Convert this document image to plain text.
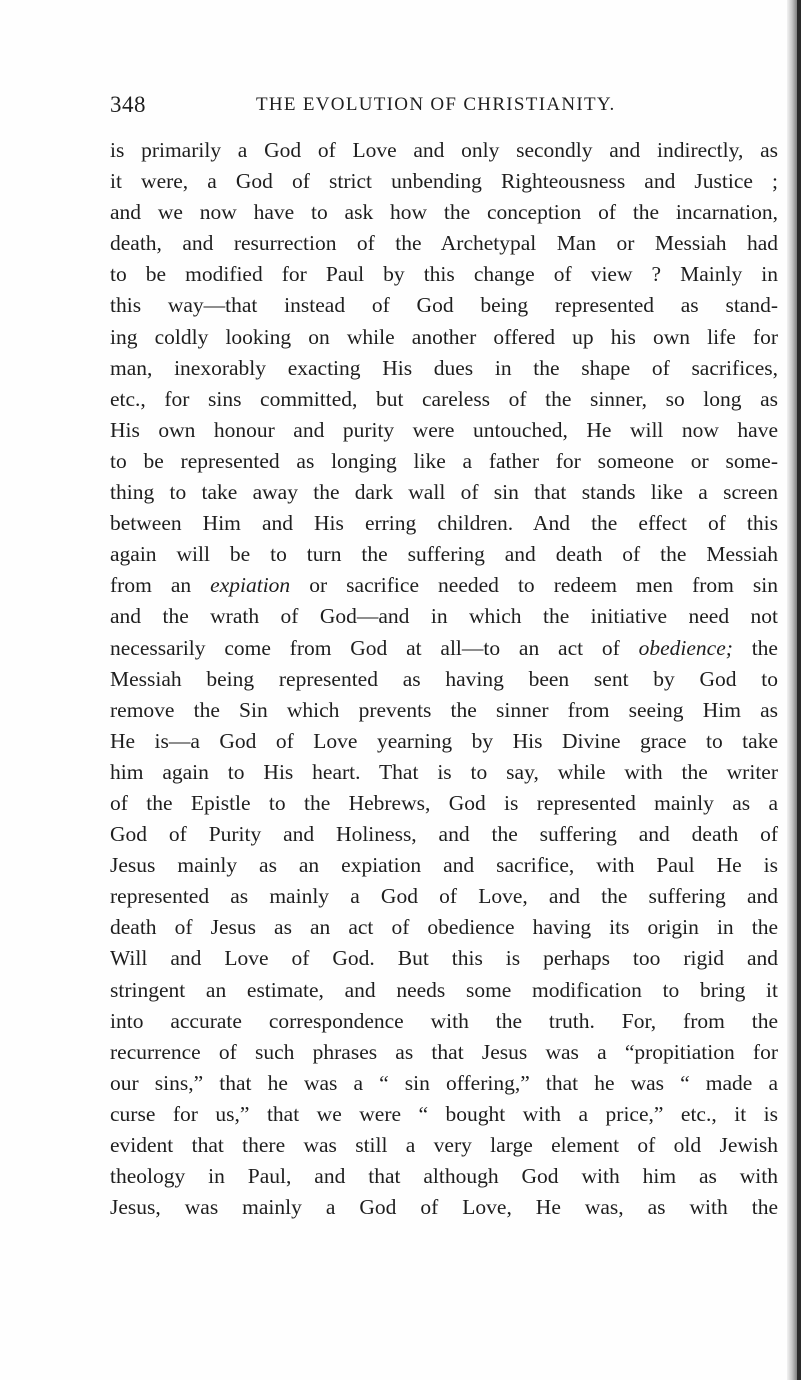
348	THE EVOLUTION OF CHRISTIANITY.
is primarily a God of Love and only secondly and indirectly, as
it were, a God of strict unbending Righteousness and Justice ;
and we now have to ask how the conception of the incarnation,
death, and resurrection of the Archetypal Man or Messiah had
to be modified for Paul by this change of view ? Mainly in
this way—that instead of God being represented as stand-
ing coldly looking on while another offered up his own life for
man, inexorably exacting His dues in the shape of sacrifices,
etc., for sins committed, but careless of the sinner, so long as
His own honour and purity were untouched, He will now have
to be represented as longing like a father for someone or some-
thing to take away the dark wall of sin that stands like a screen
between Him and His erring children. And the effect of this
again will be to turn the suffering and death of the Messiah
from an expiation or sacrifice needed to redeem men from sin
and the wrath of God—and in which the initiative need not
necessarily come from God at all—to an act of obedience; the
Messiah being represented as having been sent by God to
remove the Sin which prevents the sinner from seeing Him as
He is—a God of Love yearning by His Divine grace to take
him again to His heart. That is to say, while with the writer
of the Epistle to the Hebrews, God is represented mainly as a
God of Purity and Holiness, and the suffering and death of
Jesus mainly as an expiation and sacrifice, with Paul He is
represented as mainly a God of Love, and the suffering and
death of Jesus as an act of obedience having its origin in the
Will and Love of God. But this is perhaps too rigid and
stringent an estimate, and needs some modification to bring it
into accurate correspondence with the truth. For, from the
recurrence of such phrases as that Jesus was a “propitiation for
our sins,” that he was a “ sin offering,” that he was “ made a
curse for us,” that we were “ bought with a price,” etc., it is
evident that there was still a very large element of old Jewish
theology in Paul, and that although God with him as with
Jesus, was mainly a God of Love, He was, as with the
